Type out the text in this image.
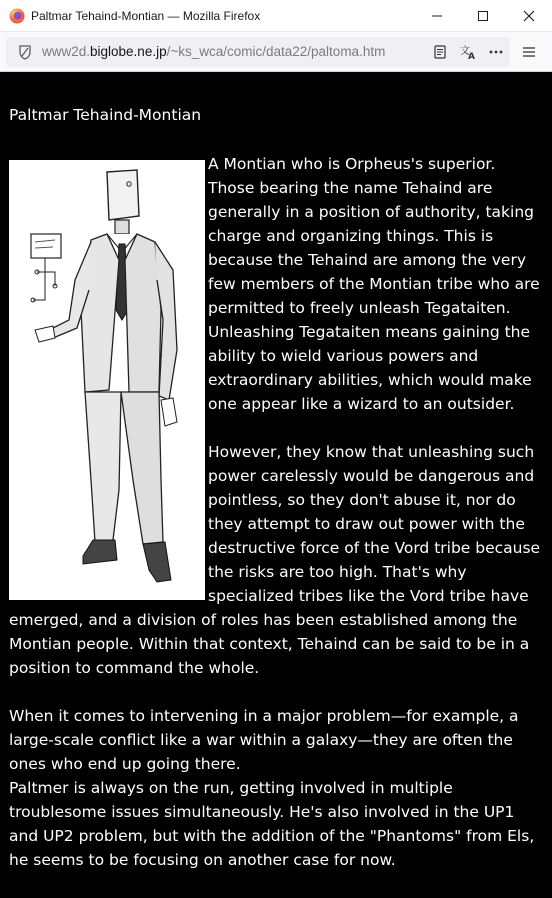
Paltmar Tehaind-Montian — Mozilla Firefox
www2d.biglobe.ne.jp/~ks_wca/comic/data22/paltoma.htm	文
A
Paltmar Tehaind-Montian

A Montian who is Orpheus's superior. Those bearing the name Tehaind are generally in a position of authority, taking charge and organizing things. This is because the Tehaind are among the very few members of the Montian tribe who are permitted to freely unleash Tegataiten. Unleashing Tegataiten means gaining the ability to wield various powers and extraordinary abilities, which would make one appear like a wizard to an outsider.

However, they know that unleashing such power carelessly would be dangerous and pointless, so they don't abuse it, nor do they attempt to draw out power with the destructive force of the Vord tribe because the risks are too high. That's why specialized tribes like the Vord tribe have emerged, and a division of roles has been established among the Montian people. Within that context, Tehaind can be said to be in a position to command the whole.

When it comes to intervening in a major problem—for example, a large-scale conflict like a war within a galaxy—they are often the ones who end up going there.

Paltmer is always on the run, getting involved in multiple troublesome issues simultaneously. He's also involved in the UP1 and UP2 problem, but with the addition of the "Phantoms" from Els, he seems to be focusing on another case for now.
